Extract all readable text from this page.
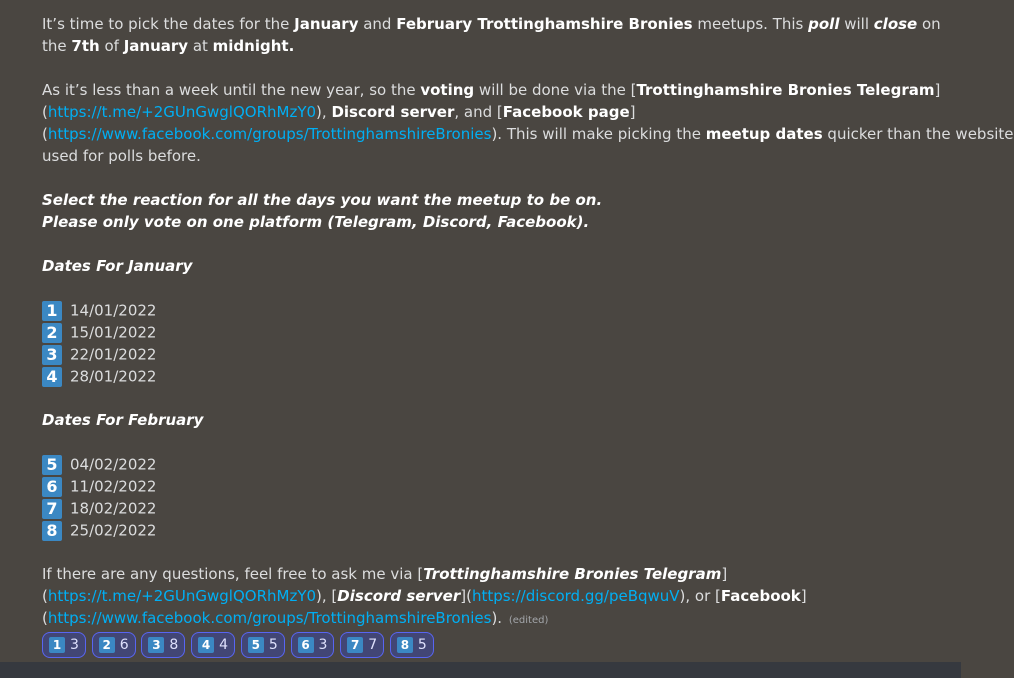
It’s time to pick the dates for the January and February Trottinghamshire Bronies meetups. This poll will close on
the 7th of January at midnight.
As it’s less than a week until the new year, so the voting will be done via the [Trottinghamshire Bronies Telegram]
(https://t.me/+2GUnGwglQORhMzY0), Discord server, and [Facebook page]
(https://www.facebook.com/groups/TrottinghamshireBronies). This will make picking the meetup dates quicker than the website
used for polls before.
Select the reaction for all the days you want the meetup to be on.
Please only vote on one platform (Telegram, Discord, Facebook).
Dates For January
1 14/01/2022
2 15/01/2022
3 22/01/2022
4 28/01/2022
Dates For February
5 04/02/2022
6 11/02/2022
7 18/02/2022
8 25/02/2022
If there are any questions, feel free to ask me via [Trottinghamshire Bronies Telegram]
(https://t.me/+2GUnGwglQORhMzY0), [Discord server](https://discord.gg/peBqwuV), or [Facebook]
(https://www.facebook.com/groups/TrottinghamshireBronies). (edited)
1 3 2 6 3 8 4 4 5 5 6 3 7 7 8 5
